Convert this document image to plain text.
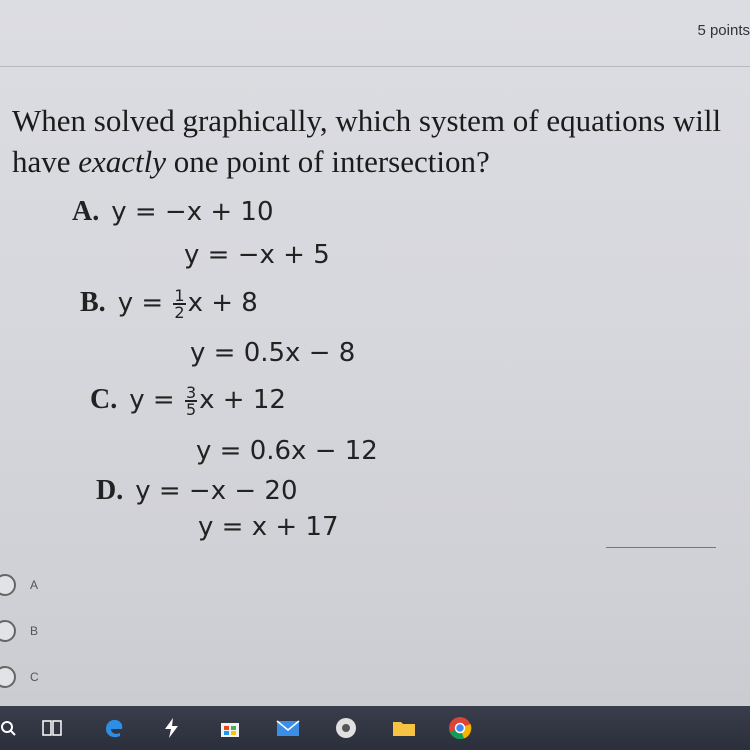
5 points
When solved graphically, which system of equations will have exactly one point of intersection?
A. y = −x + 10
y = −x + 5
B. $y = \frac{1}{2}$ x + 8
y = 0.5x − 8
C. $y = \frac{3}{5}$ x + 12
y = 0.6x − 12
D. y = −x − 20
y = x + 17
A
B
C
